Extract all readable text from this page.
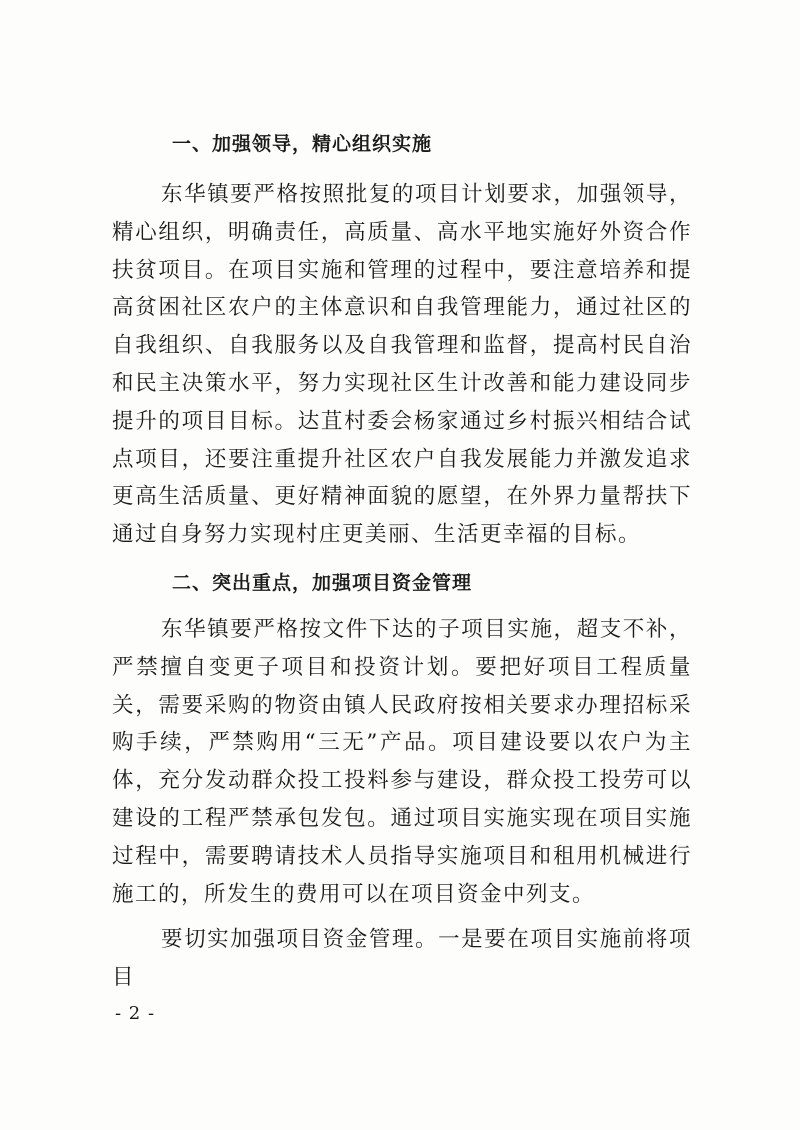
一、加强领导，精心组织实施

东华镇要严格按照批复的项目计划要求，加强领导，精心组织，明确责任，高质量、高水平地实施好外资合作扶贫项目。在项目实施和管理的过程中，要注意培养和提高贫困社区农户的主体意识和自我管理能力，通过社区的自我组织、自我服务以及自我管理和监督，提高村民自治和民主决策水平，努力实现社区生计改善和能力建设同步提升的项目目标。达苴村委会杨家通过乡村振兴相结合试点项目，还要注重提升社区农户自我发展能力并激发追求更高生活质量、更好精神面貌的愿望，在外界力量帮扶下通过自身努力实现村庄更美丽、生活更幸福的目标。

二、突出重点，加强项目资金管理

东华镇要严格按文件下达的子项目实施，超支不补，严禁擅自变更子项目和投资计划。要把好项目工程质量关，需要采购的物资由镇人民政府按相关要求办理招标采购手续，严禁购用“三无”产品。项目建设要以农户为主体，充分发动群众投工投料参与建设，群众投工投劳可以建设的工程严禁承包发包。通过项目实施实现在项目实施过程中，需要聘请技术人员指导实施项目和租用机械进行施工的，所发生的费用可以在项目资金中列支。

要切实加强项目资金管理。一是要在项目实施前将项目

- 2 -
